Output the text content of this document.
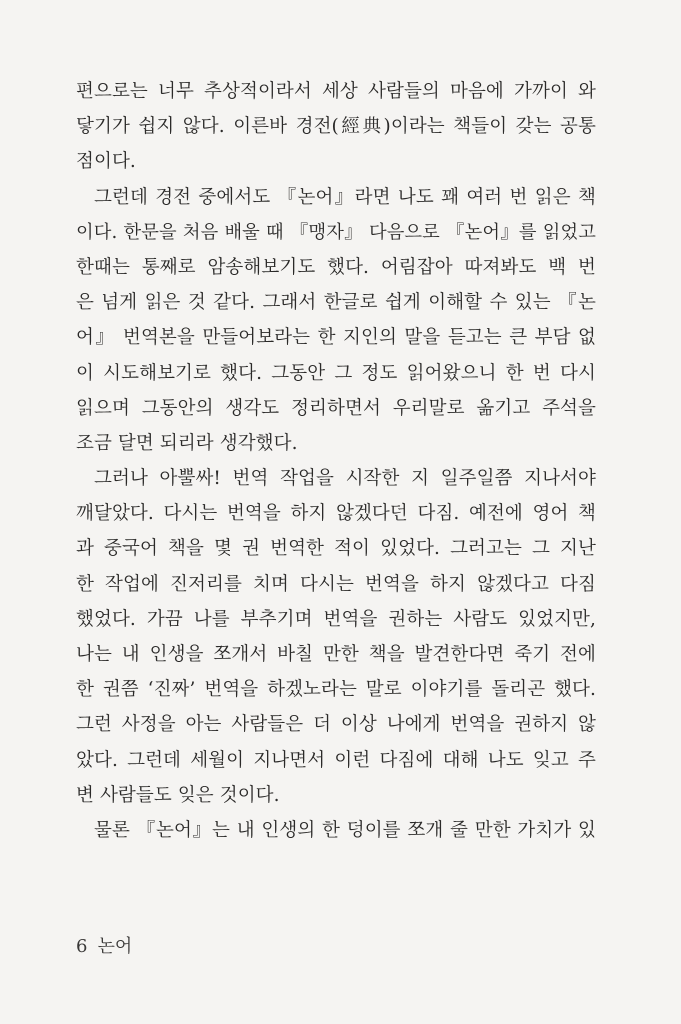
편으로는 너무 추상적이라서 세상 사람들의 마음에 가까이 와
닿기가 쉽지 않다. 이른바 경전(經典)이라는 책들이 갖는 공통
점이다.
그런데 경전 중에서도 『논어』라면 나도 꽤 여러 번 읽은 책
이다. 한문을 처음 배울 때 『맹자』 다음으로 『논어』를 읽었고
한때는 통째로 암송해보기도 했다. 어림잡아 따져봐도 백 번
은 넘게 읽은 것 같다. 그래서 한글로 쉽게 이해할 수 있는 『논
어』 번역본을 만들어보라는 한 지인의 말을 듣고는 큰 부담 없
이 시도해보기로 했다. 그동안 그 정도 읽어왔으니 한 번 다시
읽으며 그동안의 생각도 정리하면서 우리말로 옮기고 주석을
조금 달면 되리라 생각했다.
그러나 아뿔싸! 번역 작업을 시작한 지 일주일쯤 지나서야
깨달았다. 다시는 번역을 하지 않겠다던 다짐. 예전에 영어 책
과 중국어 책을 몇 권 번역한 적이 있었다. 그러고는 그 지난
한 작업에 진저리를 치며 다시는 번역을 하지 않겠다고 다짐
했었다. 가끔 나를 부추기며 번역을 권하는 사람도 있었지만,
나는 내 인생을 쪼개서 바칠 만한 책을 발견한다면 죽기 전에
한 권쯤 ‘진짜’ 번역을 하겠노라는 말로 이야기를 돌리곤 했다.
그런 사정을 아는 사람들은 더 이상 나에게 번역을 권하지 않
았다. 그런데 세월이 지나면서 이런 다짐에 대해 나도 잊고 주
변 사람들도 잊은 것이다.
물론 『논어』는 내 인생의 한 덩이를 쪼개 줄 만한 가치가 있
6 논어
